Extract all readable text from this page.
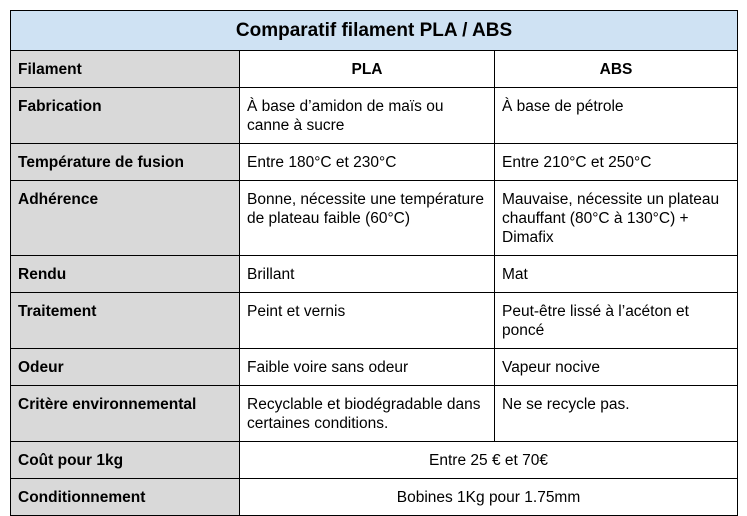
Comparatif filament PLA / ABS		
Filament	PLA	ABS
Fabrication	À base d’amidon de maïs ou canne à sucre	À base de pétrole
Température de fusion	Entre 180°C et 230°C	Entre 210°C et 250°C
Adhérence	Bonne, nécessite une température de plateau faible (60°C)	Mauvaise, nécessite un plateau chauffant (80°C à 130°C) + Dimafix
Rendu	Brillant	Mat
Traitement	Peint et vernis	Peut-être lissé à l’acéton et poncé
Odeur	Faible voire sans odeur	Vapeur nocive
Critère environnemental	Recyclable et biodégradable dans certaines conditions.	Ne se recycle pas.
Coût pour 1kg	Entre 25 € et 70€	
Conditionnement	Bobines 1Kg pour 1.75mm	
